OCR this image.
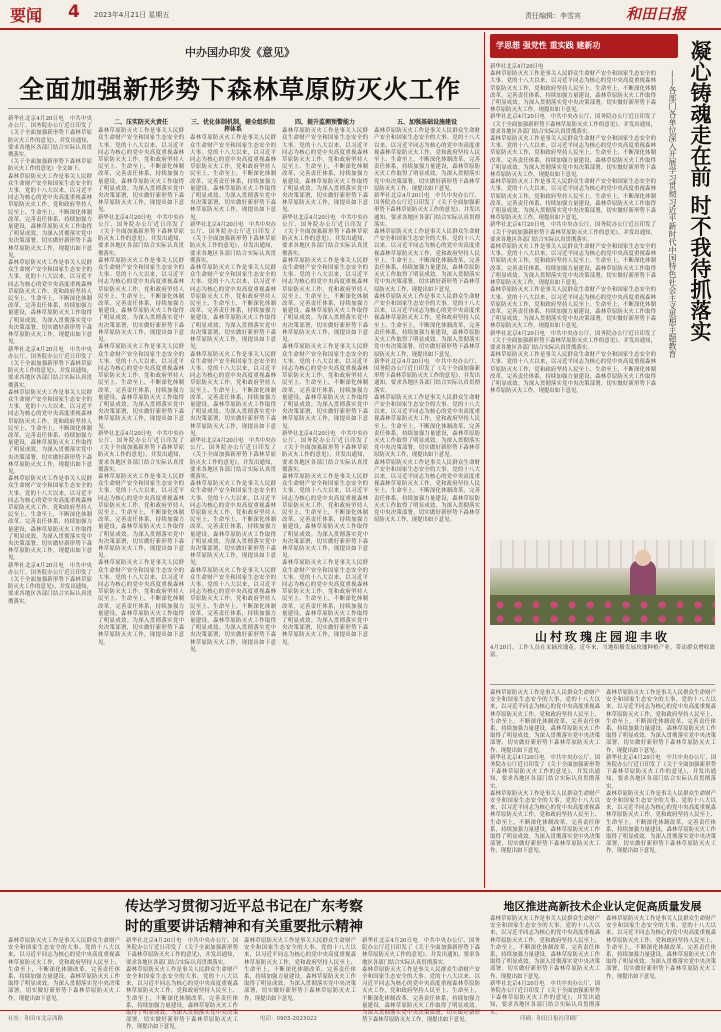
要闻 4 2023年4月21日 星期五	责任编辑：李雪宾	和田日报
中办国办印发《意见》
全面加强新形势下森林草原防灭火工作

新华社北京4月20日电　中共中央办公厅、国务院办公厅近日印发了《关于全面加强新形势下森林草原防灭火工作的意见》，并发出通知，要求各地区各部门结合实际认真贯彻落实。

《关于全面加强新形势下森林草原防灭火工作的意见》全文如下。

森林草原防灭火工作是事关人民群众生命财产安全和国家生态安全的大事。党的十八大以来，以习近平同志为核心的党中央高度重视森林草原防灭火工作，党和政府坚持人民至上、生命至上，不断深化体制改革，完善责任体系，持续加强力量建设，森林草原防灭火工作取得了明显成效。为深入贯彻落实党中央决策部署，切实做好新形势下森林草原防灭火工作，现提出如下意见。

森林草原防灭火工作是事关人民群众生命财产安全和国家生态安全的大事。党的十八大以来，以习近平同志为核心的党中央高度重视森林草原防灭火工作，党和政府坚持人民至上、生命至上，不断深化体制改革，完善责任体系，持续加强力量建设，森林草原防灭火工作取得了明显成效。为深入贯彻落实党中央决策部署，切实做好新形势下森林草原防灭火工作，现提出如下意见。

新华社北京4月20日电　中共中央办公厅、国务院办公厅近日印发了《关于全面加强新形势下森林草原防灭火工作的意见》，并发出通知，要求各地区各部门结合实际认真贯彻落实。

森林草原防灭火工作是事关人民群众生命财产安全和国家生态安全的大事。党的十八大以来，以习近平同志为核心的党中央高度重视森林草原防灭火工作，党和政府坚持人民至上、生命至上，不断深化体制改革，完善责任体系，持续加强力量建设，森林草原防灭火工作取得了明显成效。为深入贯彻落实党中央决策部署，切实做好新形势下森林草原防灭火工作，现提出如下意见。

森林草原防灭火工作是事关人民群众生命财产安全和国家生态安全的大事。党的十八大以来，以习近平同志为核心的党中央高度重视森林草原防灭火工作，党和政府坚持人民至上、生命至上，不断深化体制改革，完善责任体系，持续加强力量建设，森林草原防灭火工作取得了明显成效。为深入贯彻落实党中央决策部署，切实做好新形势下森林草原防灭火工作，现提出如下意见。

新华社北京4月20日电　中共中央办公厅、国务院办公厅近日印发了《关于全面加强新形势下森林草原防灭火工作的意见》，并发出通知，要求各地区各部门结合实际认真贯彻落实。

二、压实防灭火责任

森林草原防灭火工作是事关人民群众生命财产安全和国家生态安全的大事。党的十八大以来，以习近平同志为核心的党中央高度重视森林草原防灭火工作，党和政府坚持人民至上、生命至上，不断深化体制改革，完善责任体系，持续加强力量建设，森林草原防灭火工作取得了明显成效。为深入贯彻落实党中央决策部署，切实做好新形势下森林草原防灭火工作，现提出如下意见。

新华社北京4月20日电　中共中央办公厅、国务院办公厅近日印发了《关于全面加强新形势下森林草原防灭火工作的意见》，并发出通知，要求各地区各部门结合实际认真贯彻落实。

森林草原防灭火工作是事关人民群众生命财产安全和国家生态安全的大事。党的十八大以来，以习近平同志为核心的党中央高度重视森林草原防灭火工作，党和政府坚持人民至上、生命至上，不断深化体制改革，完善责任体系，持续加强力量建设，森林草原防灭火工作取得了明显成效。为深入贯彻落实党中央决策部署，切实做好新形势下森林草原防灭火工作，现提出如下意见。

森林草原防灭火工作是事关人民群众生命财产安全和国家生态安全的大事。党的十八大以来，以习近平同志为核心的党中央高度重视森林草原防灭火工作，党和政府坚持人民至上、生命至上，不断深化体制改革，完善责任体系，持续加强力量建设，森林草原防灭火工作取得了明显成效。为深入贯彻落实党中央决策部署，切实做好新形势下森林草原防灭火工作，现提出如下意见。

新华社北京4月20日电　中共中央办公厅、国务院办公厅近日印发了《关于全面加强新形势下森林草原防灭火工作的意见》，并发出通知，要求各地区各部门结合实际认真贯彻落实。

森林草原防灭火工作是事关人民群众生命财产安全和国家生态安全的大事。党的十八大以来，以习近平同志为核心的党中央高度重视森林草原防灭火工作，党和政府坚持人民至上、生命至上，不断深化体制改革，完善责任体系，持续加强力量建设，森林草原防灭火工作取得了明显成效。为深入贯彻落实党中央决策部署，切实做好新形势下森林草原防灭火工作，现提出如下意见。

森林草原防灭火工作是事关人民群众生命财产安全和国家生态安全的大事。党的十八大以来，以习近平同志为核心的党中央高度重视森林草原防灭火工作，党和政府坚持人民至上、生命至上，不断深化体制改革，完善责任体系，持续加强力量建设，森林草原防灭火工作取得了明显成效。为深入贯彻落实党中央决策部署，切实做好新形势下森林草原防灭火工作，现提出如下意见。

三、优化体制机制，健全组织指挥体系

森林草原防灭火工作是事关人民群众生命财产安全和国家生态安全的大事。党的十八大以来，以习近平同志为核心的党中央高度重视森林草原防灭火工作，党和政府坚持人民至上、生命至上，不断深化体制改革，完善责任体系，持续加强力量建设，森林草原防灭火工作取得了明显成效。为深入贯彻落实党中央决策部署，切实做好新形势下森林草原防灭火工作，现提出如下意见。

新华社北京4月20日电　中共中央办公厅、国务院办公厅近日印发了《关于全面加强新形势下森林草原防灭火工作的意见》，并发出通知，要求各地区各部门结合实际认真贯彻落实。

森林草原防灭火工作是事关人民群众生命财产安全和国家生态安全的大事。党的十八大以来，以习近平同志为核心的党中央高度重视森林草原防灭火工作，党和政府坚持人民至上、生命至上，不断深化体制改革，完善责任体系，持续加强力量建设，森林草原防灭火工作取得了明显成效。为深入贯彻落实党中央决策部署，切实做好新形势下森林草原防灭火工作，现提出如下意见。

森林草原防灭火工作是事关人民群众生命财产安全和国家生态安全的大事。党的十八大以来，以习近平同志为核心的党中央高度重视森林草原防灭火工作，党和政府坚持人民至上、生命至上，不断深化体制改革，完善责任体系，持续加强力量建设，森林草原防灭火工作取得了明显成效。为深入贯彻落实党中央决策部署，切实做好新形势下森林草原防灭火工作，现提出如下意见。

新华社北京4月20日电　中共中央办公厅、国务院办公厅近日印发了《关于全面加强新形势下森林草原防灭火工作的意见》，并发出通知，要求各地区各部门结合实际认真贯彻落实。

森林草原防灭火工作是事关人民群众生命财产安全和国家生态安全的大事。党的十八大以来，以习近平同志为核心的党中央高度重视森林草原防灭火工作，党和政府坚持人民至上、生命至上，不断深化体制改革，完善责任体系，持续加强力量建设，森林草原防灭火工作取得了明显成效。为深入贯彻落实党中央决策部署，切实做好新形势下森林草原防灭火工作，现提出如下意见。

森林草原防灭火工作是事关人民群众生命财产安全和国家生态安全的大事。党的十八大以来，以习近平同志为核心的党中央高度重视森林草原防灭火工作，党和政府坚持人民至上、生命至上，不断深化体制改革，完善责任体系，持续加强力量建设，森林草原防灭火工作取得了明显成效。为深入贯彻落实党中央决策部署，切实做好新形势下森林草原防灭火工作，现提出如下意见。

四、提升监测预警能力

森林草原防灭火工作是事关人民群众生命财产安全和国家生态安全的大事。党的十八大以来，以习近平同志为核心的党中央高度重视森林草原防灭火工作，党和政府坚持人民至上、生命至上，不断深化体制改革，完善责任体系，持续加强力量建设，森林草原防灭火工作取得了明显成效。为深入贯彻落实党中央决策部署，切实做好新形势下森林草原防灭火工作，现提出如下意见。

新华社北京4月20日电　中共中央办公厅、国务院办公厅近日印发了《关于全面加强新形势下森林草原防灭火工作的意见》，并发出通知，要求各地区各部门结合实际认真贯彻落实。

森林草原防灭火工作是事关人民群众生命财产安全和国家生态安全的大事。党的十八大以来，以习近平同志为核心的党中央高度重视森林草原防灭火工作，党和政府坚持人民至上、生命至上，不断深化体制改革，完善责任体系，持续加强力量建设，森林草原防灭火工作取得了明显成效。为深入贯彻落实党中央决策部署，切实做好新形势下森林草原防灭火工作，现提出如下意见。

森林草原防灭火工作是事关人民群众生命财产安全和国家生态安全的大事。党的十八大以来，以习近平同志为核心的党中央高度重视森林草原防灭火工作，党和政府坚持人民至上、生命至上，不断深化体制改革，完善责任体系，持续加强力量建设，森林草原防灭火工作取得了明显成效。为深入贯彻落实党中央决策部署，切实做好新形势下森林草原防灭火工作，现提出如下意见。

新华社北京4月20日电　中共中央办公厅、国务院办公厅近日印发了《关于全面加强新形势下森林草原防灭火工作的意见》，并发出通知，要求各地区各部门结合实际认真贯彻落实。

森林草原防灭火工作是事关人民群众生命财产安全和国家生态安全的大事。党的十八大以来，以习近平同志为核心的党中央高度重视森林草原防灭火工作，党和政府坚持人民至上、生命至上，不断深化体制改革，完善责任体系，持续加强力量建设，森林草原防灭火工作取得了明显成效。为深入贯彻落实党中央决策部署，切实做好新形势下森林草原防灭火工作，现提出如下意见。

森林草原防灭火工作是事关人民群众生命财产安全和国家生态安全的大事。党的十八大以来，以习近平同志为核心的党中央高度重视森林草原防灭火工作，党和政府坚持人民至上、生命至上，不断深化体制改革，完善责任体系，持续加强力量建设，森林草原防灭火工作取得了明显成效。为深入贯彻落实党中央决策部署，切实做好新形势下森林草原防灭火工作，现提出如下意见。

五、加强基础设施建设

森林草原防灭火工作是事关人民群众生命财产安全和国家生态安全的大事。党的十八大以来，以习近平同志为核心的党中央高度重视森林草原防灭火工作，党和政府坚持人民至上、生命至上，不断深化体制改革，完善责任体系，持续加强力量建设，森林草原防灭火工作取得了明显成效。为深入贯彻落实党中央决策部署，切实做好新形势下森林草原防灭火工作，现提出如下意见。

新华社北京4月20日电　中共中央办公厅、国务院办公厅近日印发了《关于全面加强新形势下森林草原防灭火工作的意见》，并发出通知，要求各地区各部门结合实际认真贯彻落实。

森林草原防灭火工作是事关人民群众生命财产安全和国家生态安全的大事。党的十八大以来，以习近平同志为核心的党中央高度重视森林草原防灭火工作，党和政府坚持人民至上、生命至上，不断深化体制改革，完善责任体系，持续加强力量建设，森林草原防灭火工作取得了明显成效。为深入贯彻落实党中央决策部署，切实做好新形势下森林草原防灭火工作，现提出如下意见。

森林草原防灭火工作是事关人民群众生命财产安全和国家生态安全的大事。党的十八大以来，以习近平同志为核心的党中央高度重视森林草原防灭火工作，党和政府坚持人民至上、生命至上，不断深化体制改革，完善责任体系，持续加强力量建设，森林草原防灭火工作取得了明显成效。为深入贯彻落实党中央决策部署，切实做好新形势下森林草原防灭火工作，现提出如下意见。

新华社北京4月20日电　中共中央办公厅、国务院办公厅近日印发了《关于全面加强新形势下森林草原防灭火工作的意见》，并发出通知，要求各地区各部门结合实际认真贯彻落实。

森林草原防灭火工作是事关人民群众生命财产安全和国家生态安全的大事。党的十八大以来，以习近平同志为核心的党中央高度重视森林草原防灭火工作，党和政府坚持人民至上、生命至上，不断深化体制改革，完善责任体系，持续加强力量建设，森林草原防灭火工作取得了明显成效。为深入贯彻落实党中央决策部署，切实做好新形势下森林草原防灭火工作，现提出如下意见。

森林草原防灭火工作是事关人民群众生命财产安全和国家生态安全的大事。党的十八大以来，以习近平同志为核心的党中央高度重视森林草原防灭火工作，党和政府坚持人民至上、生命至上，不断深化体制改革，完善责任体系，持续加强力量建设，森林草原防灭火工作取得了明显成效。为深入贯彻落实党中央决策部署，切实做好新形势下森林草原防灭火工作，现提出如下意见。

学思想 强党性 重实践 建新功	凝心铸魂走在前 时不我待抓落实
——各部门各单位深入开展学习贯彻习近平新时代中国特色社会主义思想主题教育

新华社北京4月20日电

森林草原防灭火工作是事关人民群众生命财产安全和国家生态安全的大事。党的十八大以来，以习近平同志为核心的党中央高度重视森林草原防灭火工作，党和政府坚持人民至上、生命至上，不断深化体制改革，完善责任体系，持续加强力量建设，森林草原防灭火工作取得了明显成效。为深入贯彻落实党中央决策部署，切实做好新形势下森林草原防灭火工作，现提出如下意见。

新华社北京4月20日电　中共中央办公厅、国务院办公厅近日印发了《关于全面加强新形势下森林草原防灭火工作的意见》，并发出通知，要求各地区各部门结合实际认真贯彻落实。

森林草原防灭火工作是事关人民群众生命财产安全和国家生态安全的大事。党的十八大以来，以习近平同志为核心的党中央高度重视森林草原防灭火工作，党和政府坚持人民至上、生命至上，不断深化体制改革，完善责任体系，持续加强力量建设，森林草原防灭火工作取得了明显成效。为深入贯彻落实党中央决策部署，切实做好新形势下森林草原防灭火工作，现提出如下意见。

森林草原防灭火工作是事关人民群众生命财产安全和国家生态安全的大事。党的十八大以来，以习近平同志为核心的党中央高度重视森林草原防灭火工作，党和政府坚持人民至上、生命至上，不断深化体制改革，完善责任体系，持续加强力量建设，森林草原防灭火工作取得了明显成效。为深入贯彻落实党中央决策部署，切实做好新形势下森林草原防灭火工作，现提出如下意见。

新华社北京4月20日电　中共中央办公厅、国务院办公厅近日印发了《关于全面加强新形势下森林草原防灭火工作的意见》，并发出通知，要求各地区各部门结合实际认真贯彻落实。

森林草原防灭火工作是事关人民群众生命财产安全和国家生态安全的大事。党的十八大以来，以习近平同志为核心的党中央高度重视森林草原防灭火工作，党和政府坚持人民至上、生命至上，不断深化体制改革，完善责任体系，持续加强力量建设，森林草原防灭火工作取得了明显成效。为深入贯彻落实党中央决策部署，切实做好新形势下森林草原防灭火工作，现提出如下意见。

森林草原防灭火工作是事关人民群众生命财产安全和国家生态安全的大事。党的十八大以来，以习近平同志为核心的党中央高度重视森林草原防灭火工作，党和政府坚持人民至上、生命至上，不断深化体制改革，完善责任体系，持续加强力量建设，森林草原防灭火工作取得了明显成效。为深入贯彻落实党中央决策部署，切实做好新形势下森林草原防灭火工作，现提出如下意见。

新华社北京4月20日电　中共中央办公厅、国务院办公厅近日印发了《关于全面加强新形势下森林草原防灭火工作的意见》，并发出通知，要求各地区各部门结合实际认真贯彻落实。

森林草原防灭火工作是事关人民群众生命财产安全和国家生态安全的大事。党的十八大以来，以习近平同志为核心的党中央高度重视森林草原防灭火工作，党和政府坚持人民至上、生命至上，不断深化体制改革，完善责任体系，持续加强力量建设，森林草原防灭火工作取得了明显成效。为深入贯彻落实党中央决策部署，切实做好新形势下森林草原防灭火工作，现提出如下意见。

山村玫瑰庄园迎丰收

4月20日，工作人员在采摘玫瑰花。近年来，当地积极发展玫瑰种植产业，带动群众增收致富。

森林草原防灭火工作是事关人民群众生命财产安全和国家生态安全的大事。党的十八大以来，以习近平同志为核心的党中央高度重视森林草原防灭火工作，党和政府坚持人民至上、生命至上，不断深化体制改革，完善责任体系，持续加强力量建设，森林草原防灭火工作取得了明显成效。为深入贯彻落实党中央决策部署，切实做好新形势下森林草原防灭火工作，现提出如下意见。

新华社北京4月20日电　中共中央办公厅、国务院办公厅近日印发了《关于全面加强新形势下森林草原防灭火工作的意见》，并发出通知，要求各地区各部门结合实际认真贯彻落实。

森林草原防灭火工作是事关人民群众生命财产安全和国家生态安全的大事。党的十八大以来，以习近平同志为核心的党中央高度重视森林草原防灭火工作，党和政府坚持人民至上、生命至上，不断深化体制改革，完善责任体系，持续加强力量建设，森林草原防灭火工作取得了明显成效。为深入贯彻落实党中央决策部署，切实做好新形势下森林草原防灭火工作，现提出如下意见。

森林草原防灭火工作是事关人民群众生命财产安全和国家生态安全的大事。党的十八大以来，以习近平同志为核心的党中央高度重视森林草原防灭火工作，党和政府坚持人民至上、生命至上，不断深化体制改革，完善责任体系，持续加强力量建设，森林草原防灭火工作取得了明显成效。为深入贯彻落实党中央决策部署，切实做好新形势下森林草原防灭火工作，现提出如下意见。

新华社北京4月20日电　中共中央办公厅、国务院办公厅近日印发了《关于全面加强新形势下森林草原防灭火工作的意见》，并发出通知，要求各地区各部门结合实际认真贯彻落实。

森林草原防灭火工作是事关人民群众生命财产安全和国家生态安全的大事。党的十八大以来，以习近平同志为核心的党中央高度重视森林草原防灭火工作，党和政府坚持人民至上、生命至上，不断深化体制改革，完善责任体系，持续加强力量建设，森林草原防灭火工作取得了明显成效。为深入贯彻落实党中央决策部署，切实做好新形势下森林草原防灭火工作，现提出如下意见。

传达学习贯彻习近平总书记在广东考察
时的重要讲话精神和有关重要批示精神

森林草原防灭火工作是事关人民群众生命财产安全和国家生态安全的大事。党的十八大以来，以习近平同志为核心的党中央高度重视森林草原防灭火工作，党和政府坚持人民至上、生命至上，不断深化体制改革，完善责任体系，持续加强力量建设，森林草原防灭火工作取得了明显成效。为深入贯彻落实党中央决策部署，切实做好新形势下森林草原防灭火工作，现提出如下意见。

新华社北京4月20日电　中共中央办公厅、国务院办公厅近日印发了《关于全面加强新形势下森林草原防灭火工作的意见》，并发出通知，要求各地区各部门结合实际认真贯彻落实。

森林草原防灭火工作是事关人民群众生命财产安全和国家生态安全的大事。党的十八大以来，以习近平同志为核心的党中央高度重视森林草原防灭火工作，党和政府坚持人民至上、生命至上，不断深化体制改革，完善责任体系，持续加强力量建设，森林草原防灭火工作取得了明显成效。为深入贯彻落实党中央决策部署，切实做好新形势下森林草原防灭火工作，现提出如下意见。

森林草原防灭火工作是事关人民群众生命财产安全和国家生态安全的大事。党的十八大以来，以习近平同志为核心的党中央高度重视森林草原防灭火工作，党和政府坚持人民至上、生命至上，不断深化体制改革，完善责任体系，持续加强力量建设，森林草原防灭火工作取得了明显成效。为深入贯彻落实党中央决策部署，切实做好新形势下森林草原防灭火工作，现提出如下意见。

新华社北京4月20日电　中共中央办公厅、国务院办公厅近日印发了《关于全面加强新形势下森林草原防灭火工作的意见》，并发出通知，要求各地区各部门结合实际认真贯彻落实。

森林草原防灭火工作是事关人民群众生命财产安全和国家生态安全的大事。党的十八大以来，以习近平同志为核心的党中央高度重视森林草原防灭火工作，党和政府坚持人民至上、生命至上，不断深化体制改革，完善责任体系，持续加强力量建设，森林草原防灭火工作取得了明显成效。为深入贯彻落实党中央决策部署，切实做好新形势下森林草原防灭火工作，现提出如下意见。

地区推进高新技术企业认定促高质量发展

森林草原防灭火工作是事关人民群众生命财产安全和国家生态安全的大事。党的十八大以来，以习近平同志为核心的党中央高度重视森林草原防灭火工作，党和政府坚持人民至上、生命至上，不断深化体制改革，完善责任体系，持续加强力量建设，森林草原防灭火工作取得了明显成效。为深入贯彻落实党中央决策部署，切实做好新形势下森林草原防灭火工作，现提出如下意见。

新华社北京4月20日电　中共中央办公厅、国务院办公厅近日印发了《关于全面加强新形势下森林草原防灭火工作的意见》，并发出通知，要求各地区各部门结合实际认真贯彻落实。

森林草原防灭火工作是事关人民群众生命财产安全和国家生态安全的大事。党的十八大以来，以习近平同志为核心的党中央高度重视森林草原防灭火工作，党和政府坚持人民至上、生命至上，不断深化体制改革，完善责任体系，持续加强力量建设，森林草原防灭火工作取得了明显成效。为深入贯彻落实党中央决策部署，切实做好新形势下森林草原防灭火工作，现提出如下意见。

社址：和田市北京西路	电话：0903-2023022	印刷：和田日报社印刷厂
